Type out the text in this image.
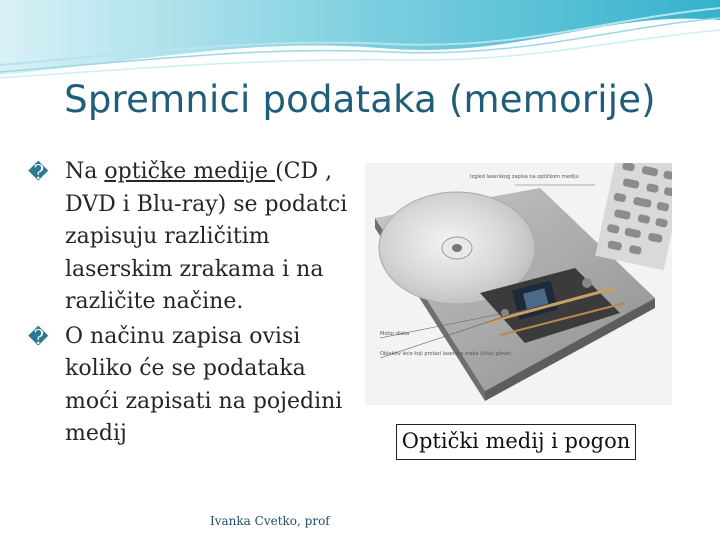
Spremnici podataka (memorije)
� Na optičke medije (CD , DVD i Blu-ray) se podatci zapisuju različitim laserskim zrakama i na različite načine.
� O načinu zapisa ovisi koliko će se podataka moći zapisati na pojedini medij
Izgled laserskog zapisa na optičkom mediju
Motor diska
Objektiv leće koji prolazi laserska zraka (čitač glave)
Optički medij i pogon
Ivanka Cvetko, prof
